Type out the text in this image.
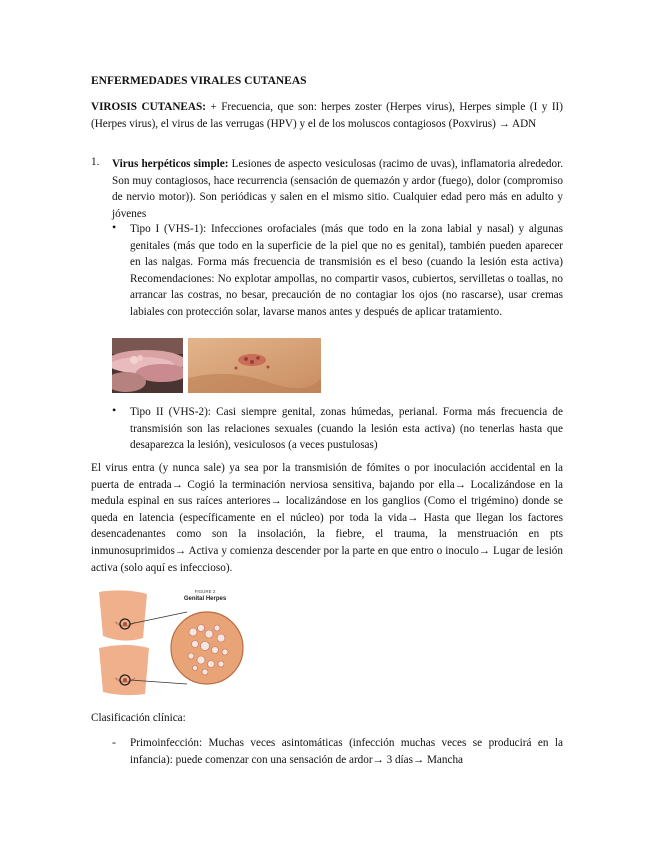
ENFERMEDADES VIRALES CUTANEAS

VIROSIS CUTANEAS: + Frecuencia, que son: herpes zoster (Herpes virus), Herpes simple (I y II) (Herpes virus), el virus de las verrugas (HPV) y el de los moluscos contagiosos (Poxvirus) → ADN

1. Virus herpéticos simple: Lesiones de aspecto vesiculosas (racimo de uvas), inflamatoria alrededor. Son muy contagiosos, hace recurrencia (sensación de quemazón y ardor (fuego), dolor (compromiso de nervio motor)). Son periódicas y salen en el mismo sitio. Cualquier edad pero más en adulto y jóvenes

• Tipo I (VHS-1): Infecciones orofaciales (más que todo en la zona labial y nasal) y algunas genitales (más que todo en la superficie de la piel que no es genital), también pueden aparecer en las nalgas. Forma más frecuencia de transmisión es el beso (cuando la lesión esta activa) Recomendaciones: No explotar ampollas, no compartir vasos, cubiertos, servilletas o toallas, no arrancar las costras, no besar, precaución de no contagiar los ojos (no rascarse), usar cremas labiales con protección solar, lavarse manos antes y después de aplicar tratamiento.

• Tipo II (VHS-2): Casi siempre genital, zonas húmedas, perianal. Forma más frecuencia de transmisión son las relaciones sexuales (cuando la lesión esta activa) (no tenerlas hasta que desaparezca la lesión), vesiculosos (a veces pustulosas)

El virus entra (y nunca sale) ya sea por la transmisión de fómites o por inoculación accidental en la puerta de entrada→ Cogió la terminación nerviosa sensitiva, bajando por ella→ Localizándose en la medula espinal en sus raíces anteriores→ localizándose en los ganglios (Como el trigémino) donde se queda en latencia (específicamente en el núcleo) por toda la vida→ Hasta que llegan los factores desencadenantes como son la insolación, la fiebre, el trauma, la menstruación en pts inmunosuprimidos→ Activa y comienza descender por la parte en que entro o inoculo→ Lugar de lesión activa (solo aquí es infeccioso).

FIGURE 2
Genital Herpes

Clasificación clínica:

- Primoinfección: Muchas veces asintomáticas (infección muchas veces se producirá en la infancia): puede comenzar con una sensación de ardor→ 3 días→ Mancha
